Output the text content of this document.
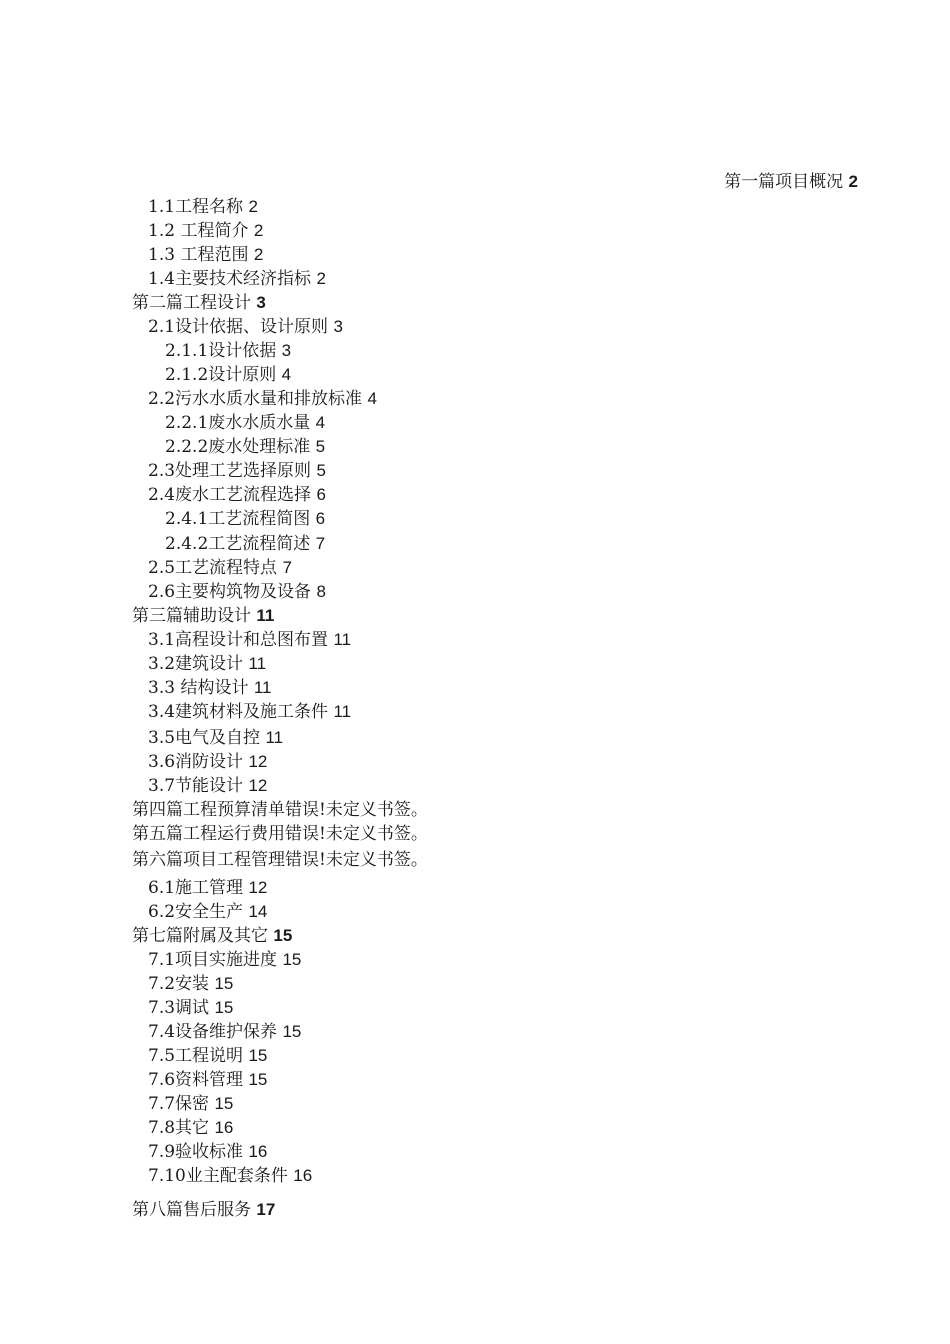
第一篇项目概况 2
1.1工程名称 2
1.2 工程简介 2
1.3 工程范围 2
1.4主要技术经济指标 2
第二篇工程设计 3
2.1设计依据、设计原则 3
2.1.1设计依据 3
2.1.2设计原则 4
2.2污水水质水量和排放标准 4
2.2.1废水水质水量 4
2.2.2废水处理标准 5
2.3处理工艺选择原则 5
2.4废水工艺流程选择 6
2.4.1工艺流程简图 6
2.4.2工艺流程简述 7
2.5工艺流程特点 7
2.6主要构筑物及设备 8
第三篇辅助设计 11
3.1高程设计和总图布置 11
3.2建筑设计 11
3.3 结构设计 11
3.4建筑材料及施工条件 11
3.5电气及自控 11
3.6消防设计 12
3.7节能设计 12
第四篇工程预算清单错误!未定义书签。
第五篇工程运行费用错误!未定义书签。
第六篇项目工程管理错误!未定义书签。
6.1施工管理 12
6.2安全生产 14
第七篇附属及其它 15
7.1项目实施进度 15
7.2安装 15
7.3调试 15
7.4设备维护保养 15
7.5工程说明 15
7.6资料管理 15
7.7保密 15
7.8其它 16
7.9验收标准 16
7.10业主配套条件 16
第八篇售后服务 17
